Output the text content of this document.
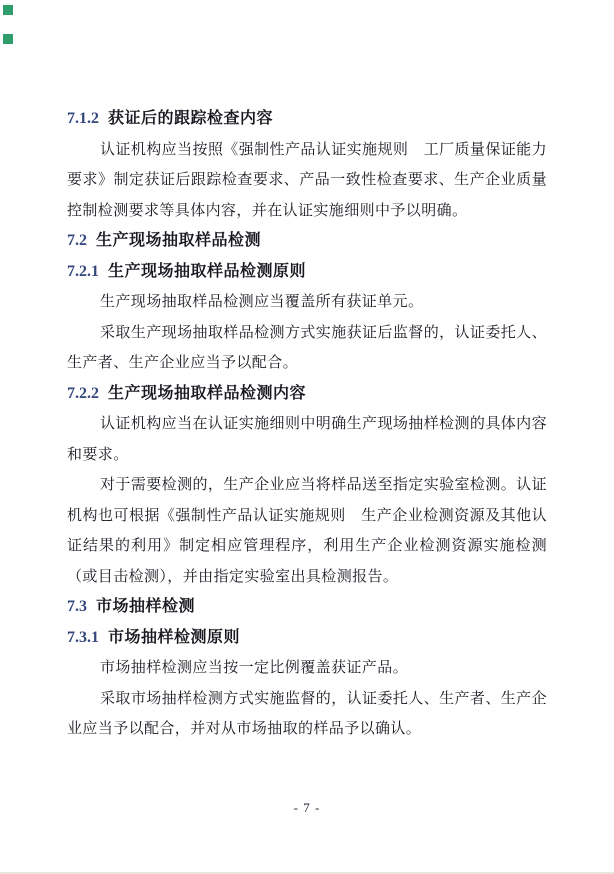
7.1.2 获证后的跟踪检查内容

认证机构应当按照《强制性产品认证实施规则　工厂质量保证能力要求》制定获证后跟踪检查要求、产品一致性检查要求、生产企业质量控制检测要求等具体内容，并在认证实施细则中予以明确。

7.2 生产现场抽取样品检测
7.2.1 生产现场抽取样品检测原则

生产现场抽取样品检测应当覆盖所有获证单元。

采取生产现场抽取样品检测方式实施获证后监督的，认证委托人、生产者、生产企业应当予以配合。

7.2.2 生产现场抽取样品检测内容

认证机构应当在认证实施细则中明确生产现场抽样检测的具体内容和要求。

对于需要检测的，生产企业应当将样品送至指定实验室检测。认证机构也可根据《强制性产品认证实施规则　生产企业检测资源及其他认证结果的利用》制定相应管理程序，利用生产企业检测资源实施检测（或目击检测），并由指定实验室出具检测报告。

7.3 市场抽样检测
7.3.1 市场抽样检测原则

市场抽样检测应当按一定比例覆盖获证产品。

采取市场抽样检测方式实施监督的，认证委托人、生产者、生产企业应当予以配合，并对从市场抽取的样品予以确认。

- 7 -
